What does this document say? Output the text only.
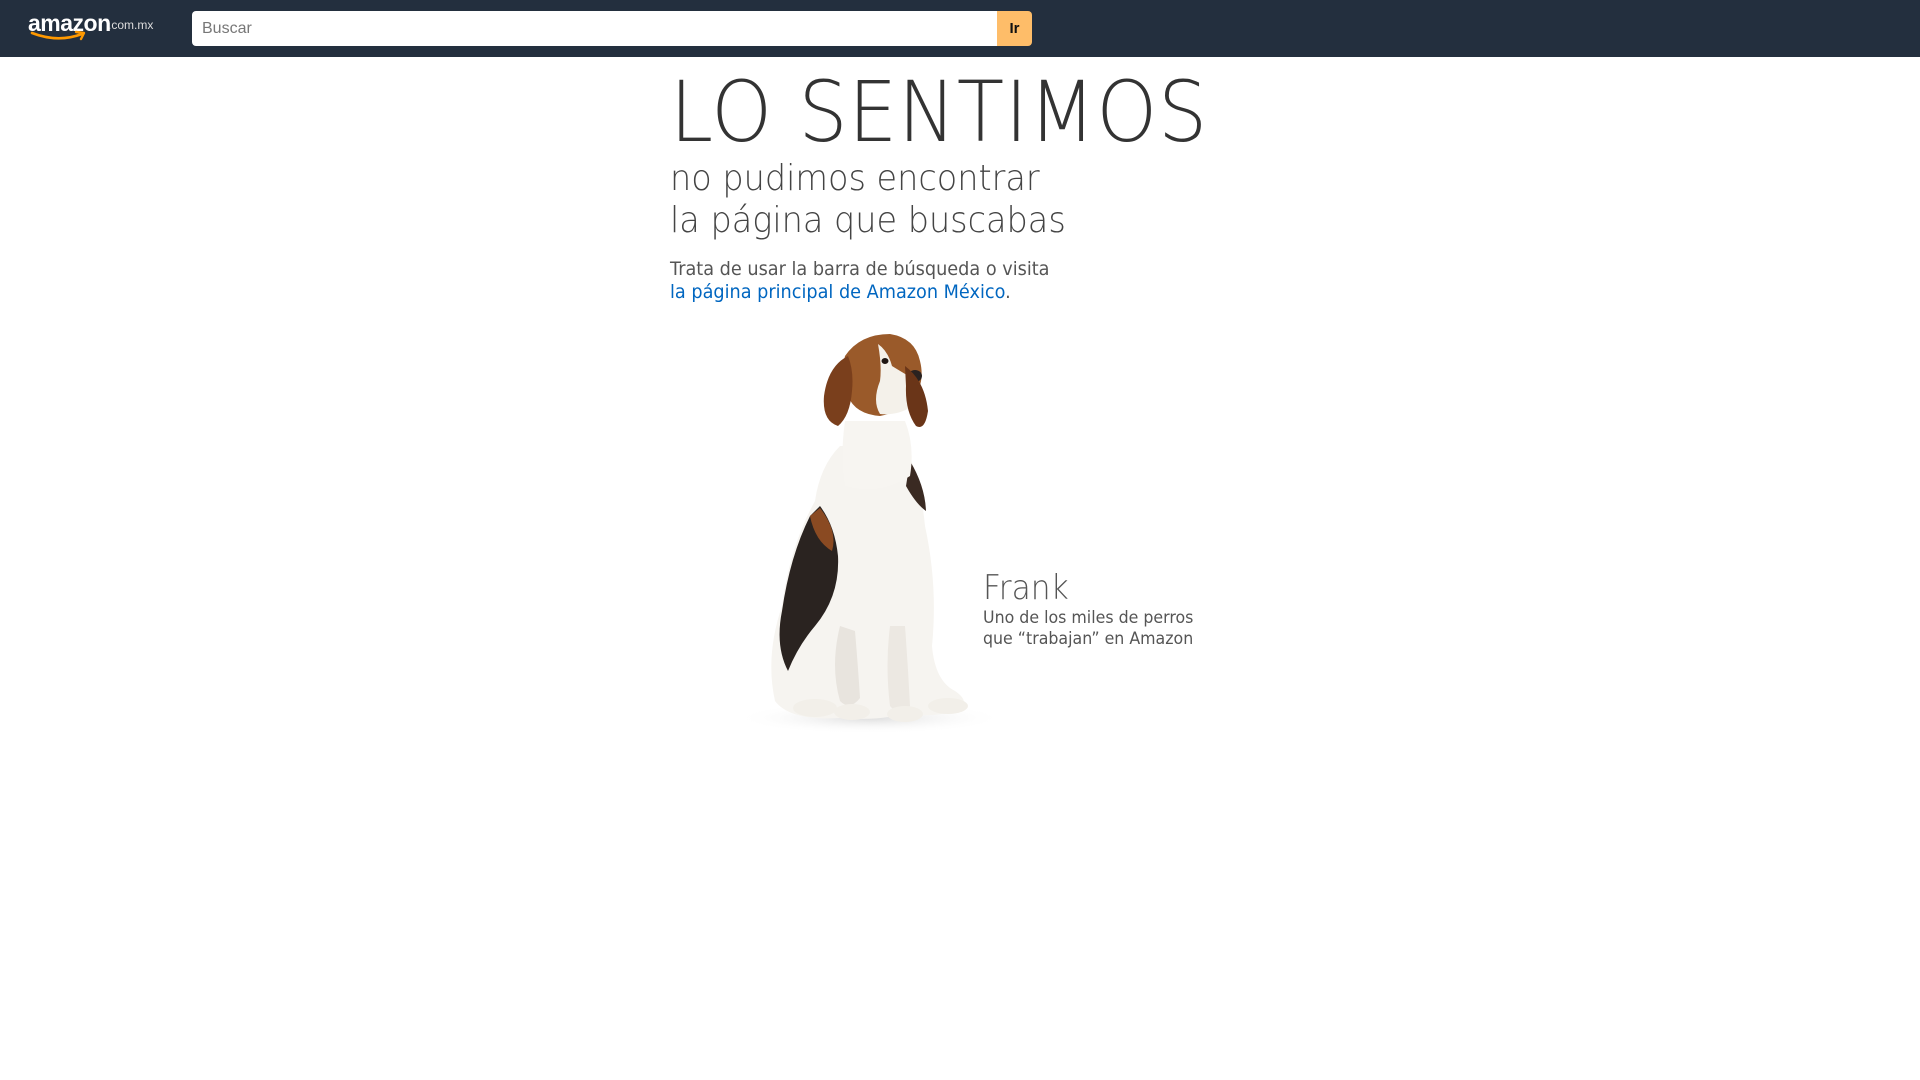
amazon
.com.mx
Buscar	Ir
LO SENTIMOS
no pudimos encontrar
la página que buscabas
Trata de usar la barra de búsqueda o visita
la página principal de Amazon México.
Frank
Uno de los miles de perros
que “trabajan” en Amazon
